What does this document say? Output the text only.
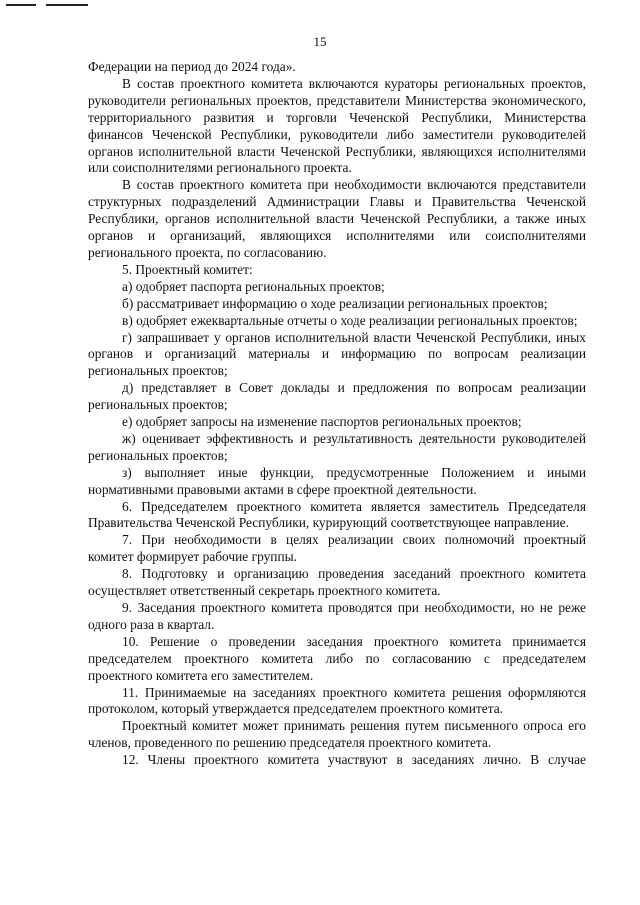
15

Федерации на период до 2024 года».

В состав проектного комитета включаются кураторы региональных проектов, руководители региональных проектов, представители Министерства экономического, территориального развития и торговли Чеченской Республики, Министерства финансов Чеченской Республики, руководители либо заместители руководителей органов исполнительной власти Чеченской Республики, являющихся исполнителями или соисполнителями регионального проекта.

В состав проектного комитета при необходимости включаются представители структурных подразделений Администрации Главы и Правительства Чеченской Республики, органов исполнительной власти Чеченской Республики, а также иных органов и организаций, являющихся исполнителями или соисполнителями регионального проекта, по согласованию.

5. Проектный комитет:

а) одобряет паспорта региональных проектов;

б) рассматривает информацию о ходе реализации региональных проектов;

в) одобряет ежеквартальные отчеты о ходе реализации региональных проектов;

г) запрашивает у органов исполнительной власти Чеченской Республики, иных органов и организаций материалы и информацию по вопросам реализации региональных проектов;

д) представляет в Совет доклады и предложения по вопросам реализации региональных проектов;

е) одобряет запросы на изменение паспортов региональных проектов;

ж) оценивает эффективность и результативность деятельности руководителей региональных проектов;

з) выполняет иные функции, предусмотренные Положением и иными нормативными правовыми актами в сфере проектной деятельности.

6. Председателем проектного комитета является заместитель Председателя Правительства Чеченской Республики, курирующий соответствующее направление.

7. При необходимости в целях реализации своих полномочий проектный комитет формирует рабочие группы.

8. Подготовку и организацию проведения заседаний проектного комитета осуществляет ответственный секретарь проектного комитета.

9. Заседания проектного комитета проводятся при необходимости, но не реже одного раза в квартал.

10. Решение о проведении заседания проектного комитета принимается председателем проектного комитета либо по согласованию с председателем проектного комитета его заместителем.

11. Принимаемые на заседаниях проектного комитета решения оформляются протоколом, который утверждается председателем проектного комитета.

Проектный комитет может принимать решения путем письменного опроса его членов, проведенного по решению председателя проектного комитета.

12. Члены проектного комитета участвуют в заседаниях лично. В случае
